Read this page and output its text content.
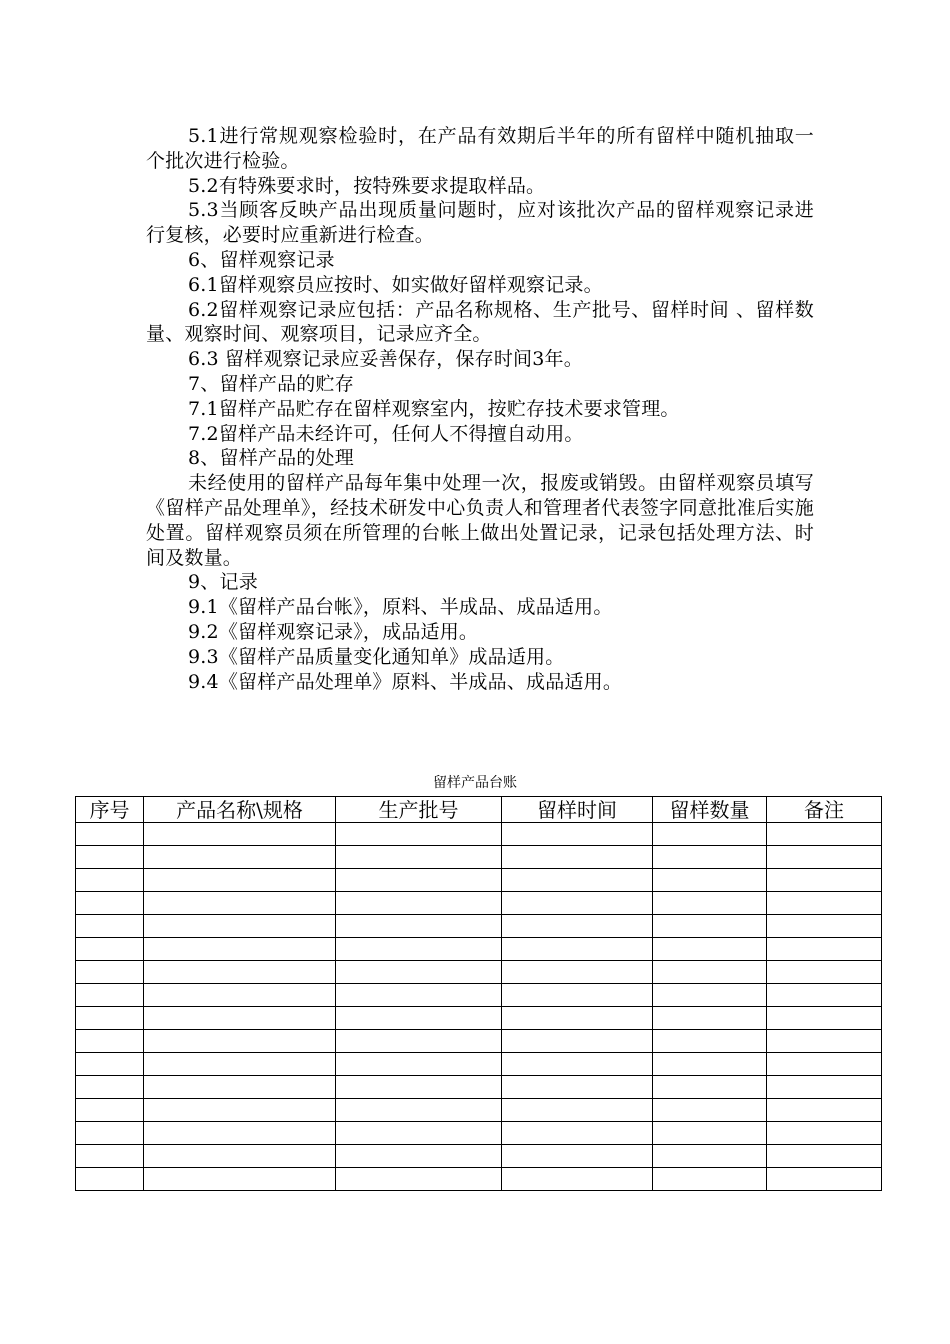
5.1进行常规观察检验时，在产品有效期后半年的所有留样中随机抽取一个批次进行检验。

5.2有特殊要求时，按特殊要求提取样品。

5.3当顾客反映产品出现质量问题时，应对该批次产品的留样观察记录进行复核，必要时应重新进行检查。

6、留样观察记录

6.1留样观察员应按时、如实做好留样观察记录。

6.2留样观察记录应包括：产品名称规格、生产批号、留样时间 、留样数量、观察时间、观察项目，记录应齐全。

6.3 留样观察记录应妥善保存，保存时间3年。

7、留样产品的贮存

7.1留样产品贮存在留样观察室内，按贮存技术要求管理。

7.2留样产品未经许可，任何人不得擅自动用。

8、留样产品的处理

未经使用的留样产品每年集中处理一次，报废或销毁。由留样观察员填写《留样产品处理单》，经技术研发中心负责人和管理者代表签字同意批准后实施处置。留样观察员须在所管理的台帐上做出处置记录，记录包括处理方法、时间及数量。

9、记录

9.1《留样产品台帐》，原料、半成品、成品适用。

9.2《留样观察记录》，成品适用。

9.3《留样产品质量变化通知单》成品适用。

9.4《留样产品处理单》原料、半成品、成品适用。

留样产品台账
序号	产品名称\规格	生产批号	留样时间	留样数量	备注
